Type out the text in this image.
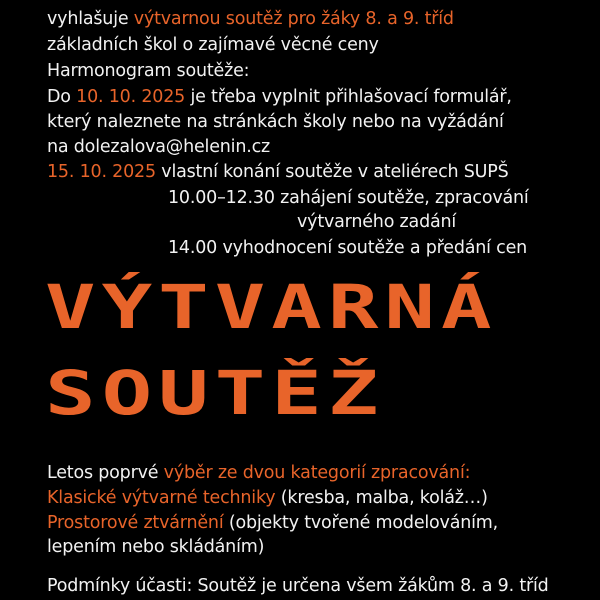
vyhlašuje výtvarnou soutěž pro žáky 8. a 9. tříd
základních škol o zajímavé věcné ceny
Harmonogram soutěže:
Do 10. 10. 2025 je třeba vyplnit přihlašovací formulář,
který naleznete na stránkách školy nebo na vyžádání
na dolezalova@helenin.cz
15. 10. 2025 vlastní konání soutěže v ateliérech SUPŠ
10.00–12.30 zahájení soutěže, zpracování
výtvarného zadání
14.00 vyhodnocení soutěže a předání cen
VÝTVARNÁ
SOUTĚŽ
Letos poprvé výběr ze dvou kategorií zpracování:
Klasické výtvarné techniky (kresba, malba, koláž…)
Prostorové ztvárnění (objekty tvořené modelováním,
lepením nebo skládáním)
Podmínky účasti: Soutěž je určena všem žákům 8. a 9. tříd
